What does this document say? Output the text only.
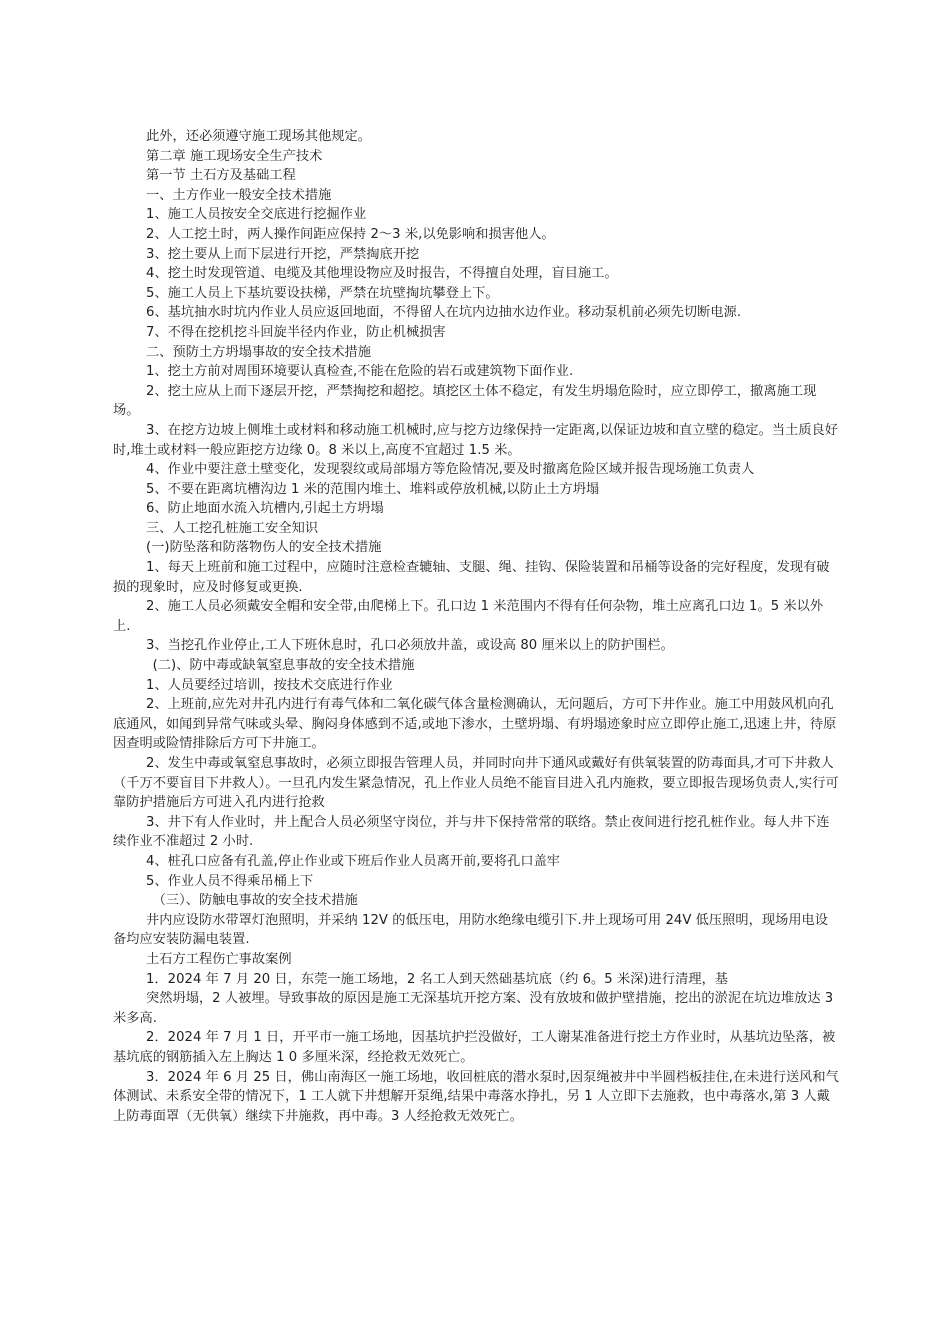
此外，还必须遵守施工现场其他规定。

第二章 施工现场安全生产技术

第一节 土石方及基础工程

一、土方作业一般安全技术措施

1、施工人员按安全交底进行挖掘作业

2、人工挖土时，两人操作间距应保持 2～3 米,以免影响和损害他人。

3、挖土要从上而下层进行开挖，严禁掏底开挖

4、挖土时发现管道、电缆及其他埋设物应及时报告，不得擅自处理，盲目施工。

5、施工人员上下基坑要设扶梯，严禁在坑壁掏坑攀登上下。

6、基坑抽水时坑内作业人员应返回地面，不得留人在坑内边抽水边作业。移动泵机前必须先切断电源.

7、不得在挖机挖斗回旋半径内作业，防止机械损害

二、预防土方坍塌事故的安全技术措施

1、挖土方前对周围环境要认真检查,不能在危险的岩石或建筑物下面作业.

2、挖土应从上而下逐层开挖，严禁掏挖和超挖。填挖区土体不稳定，有发生坍塌危险时，应立即停工，撤离施工现场。

3、在挖方边坡上侧堆土或材料和移动施工机械时,应与挖方边缘保持一定距离,以保证边坡和直立壁的稳定。当土质良好时,堆土或材料一般应距挖方边缘 0。8 米以上,高度不宜超过 1.5 米。

4、作业中要注意土壁变化，发现裂纹或局部塌方等危险情况,要及时撤离危险区域并报告现场施工负责人

5、不要在距离坑槽沟边 1 米的范围内堆土、堆料或停放机械,以防止土方坍塌

6、防止地面水流入坑槽内,引起土方坍塌

三、人工挖孔桩施工安全知识

(一)防坠落和防落物伤人的安全技术措施

1、每天上班前和施工过程中，应随时注意检查辘轴、支腿、绳、挂钩、保险装置和吊桶等设备的完好程度，发现有破损的现象时，应及时修复或更换.

2、施工人员必须戴安全帽和安全带,由爬梯上下。孔口边 1 米范围内不得有任何杂物，堆土应离孔口边 1。5 米以外上.

3、当挖孔作业停止,工人下班休息时，孔口必须放井盖，或设高 80 厘米以上的防护围栏。

(二)、防中毒或缺氧窒息事故的安全技术措施

1、人员要经过培训，按技术交底进行作业

2、上班前,应先对井孔内进行有毒气体和二氧化碳气体含量检测确认，无问题后，方可下井作业。施工中用鼓风机向孔底通风，如闻到异常气味或头晕、胸闷身体感到不适,或地下渗水，土壁坍塌、有坍塌迹象时应立即停止施工,迅速上井，待原因查明或险情排除后方可下井施工。

2、发生中毒或氧窒息事故时，必须立即报告管理人员，并同时向井下通风或戴好有供氧装置的防毒面具,才可下井救人（千万不要盲目下井救人）。一旦孔内发生紧急情况，孔上作业人员绝不能盲目进入孔内施救，要立即报告现场负责人,实行可靠防护措施后方可进入孔内进行抢救

3、井下有人作业时，井上配合人员必须坚守岗位，并与井下保持常常的联络。禁止夜间进行挖孔桩作业。每人井下连续作业不准超过 2 小时.

4、桩孔口应备有孔盖,停止作业或下班后作业人员离开前,要将孔口盖牢

5、作业人员不得乘吊桶上下

（三）、防触电事故的安全技术措施

井内应设防水带罩灯泡照明，并采纳 12V 的低压电，用防水绝缘电缆引下.井上现场可用 24V 低压照明，现场用电设备均应安装防漏电装置.

土石方工程伤亡事故案例

1．2024 年 7 月 20 日，东莞一施工场地，2 名工人到天然础基坑底（约 6。5 米深)进行清理，基

突然坍塌，2 人被埋。导致事故的原因是施工无深基坑开挖方案、没有放坡和做护壁措施，挖出的淤泥在坑边堆放达 3 米多高.

2．2024 年 7 月 1 日，开平市一施工场地，因基坑护拦没做好，工人谢某准备进行挖土方作业时，从基坑边坠落，被基坑底的钢筋插入左上胸达 1 0 多厘米深，经抢救无效死亡。

3．2024 年 6 月 25 日，佛山南海区一施工场地，收回桩底的潜水泵时,因泵绳被井中半圆档板挂住,在未进行送风和气体测试、未系安全带的情况下，1 工人就下井想解开泵绳,结果中毒落水挣扎，另 1 人立即下去施救，也中毒落水,第 3 人戴上防毒面罩（无供氧）继续下井施救，再中毒。3 人经抢救无效死亡。
